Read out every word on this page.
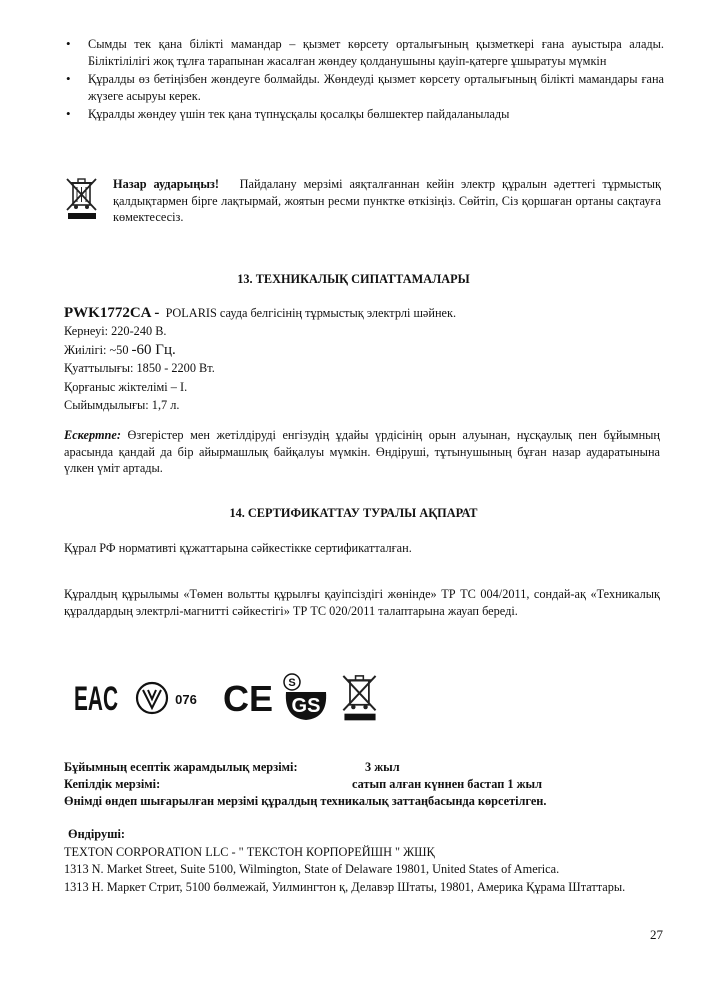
• Сымды тек қана білікті мамандар – қызмет көрсету орталығының қызметкері ғана ауыстыра алады. Біліктілілігі жоқ тұлға тарапынан жасалған жөндеу қолданушыны қауіп-қатерге ұшыратуы мүмкін
• Құралды өз бетіңізбен жөндеуге болмайды. Жөндеуді қызмет көрсету орталығының білікті мамандары ғана жүзеге асыруы керек.
• Құралды жөндеу үшін тек қана түпнұсқалы қосалқы бөлшектер пайдаланылады
Назар аударыңыз! Пайдалану мерзімі аяқталғаннан кейін электр құралын әдеттегі тұрмыстық қалдықтармен бірге лақтырмай, жоятын ресми пунктке өткізіңіз. Сөйтіп, Сіз қоршаған ортаны сақтауға көмектесесіз.
13. ТЕХНИКАЛЫҚ СИПАТТАМАЛАРЫ
PWK1772CA - POLARIS сауда белгісінің тұрмыстық электрлі шәйнек.
Кернеуі: 220-240 В.
Жиілігі: ~50 -60 Гц.
Қуаттылығы: 1850 - 2200 Вт.
Қорғаныс жіктелімі – I.
Сыйымдылығы: 1,7 л.
Ескертпе: Өзгерістер мен жетілдіруді енгізудің ұдайы үрдісінің орын алуынан, нұсқаулық пен бұйымның арасында қандай да бір айырмашлық байқалуы мүмкін. Өндіруші, тұтынушының бұған назар аударатынына үлкен үміт артады.
14. СЕРТИФИКАТТАУ ТУРАЛЫ АҚПАРАТ
Құрал РФ нормативті құжаттарына сәйкестікке сертификатталған.
Құралдың құрылымы «Төмен вольтты құрылғы қауіпсіздігі жөнінде» ТР ТС 004/2011, сондай-ақ «Техникалық құралдардың электрлі-магнитті сәйкестігі» ТР ТС 020/2011 талаптарына жауап береді.
EAC	076 CE S
GS
Бұйымның есептік жарамдылық мерзімі:	3 жыл
Кепілдік мерзімі:	сатып алған күннен бастап 1 жыл
Өнімді өндеп шығарылған мерзімі құралдың техникалық заттаңбасында көрсетілген.
Өндіруші:
TEXTON CORPORATION LLC - " ТЕКСТОН КОРПОРЕЙШН " ЖШҚ
1313 N. Market Street, Suite 5100, Wilmington, State of Delaware 19801, United States of America.
1313 Н. Маркет Стрит, 5100 бөлмежай, Уилмингтон қ, Делавэр Штаты, 19801, Америка Құрама Штаттары.
27
